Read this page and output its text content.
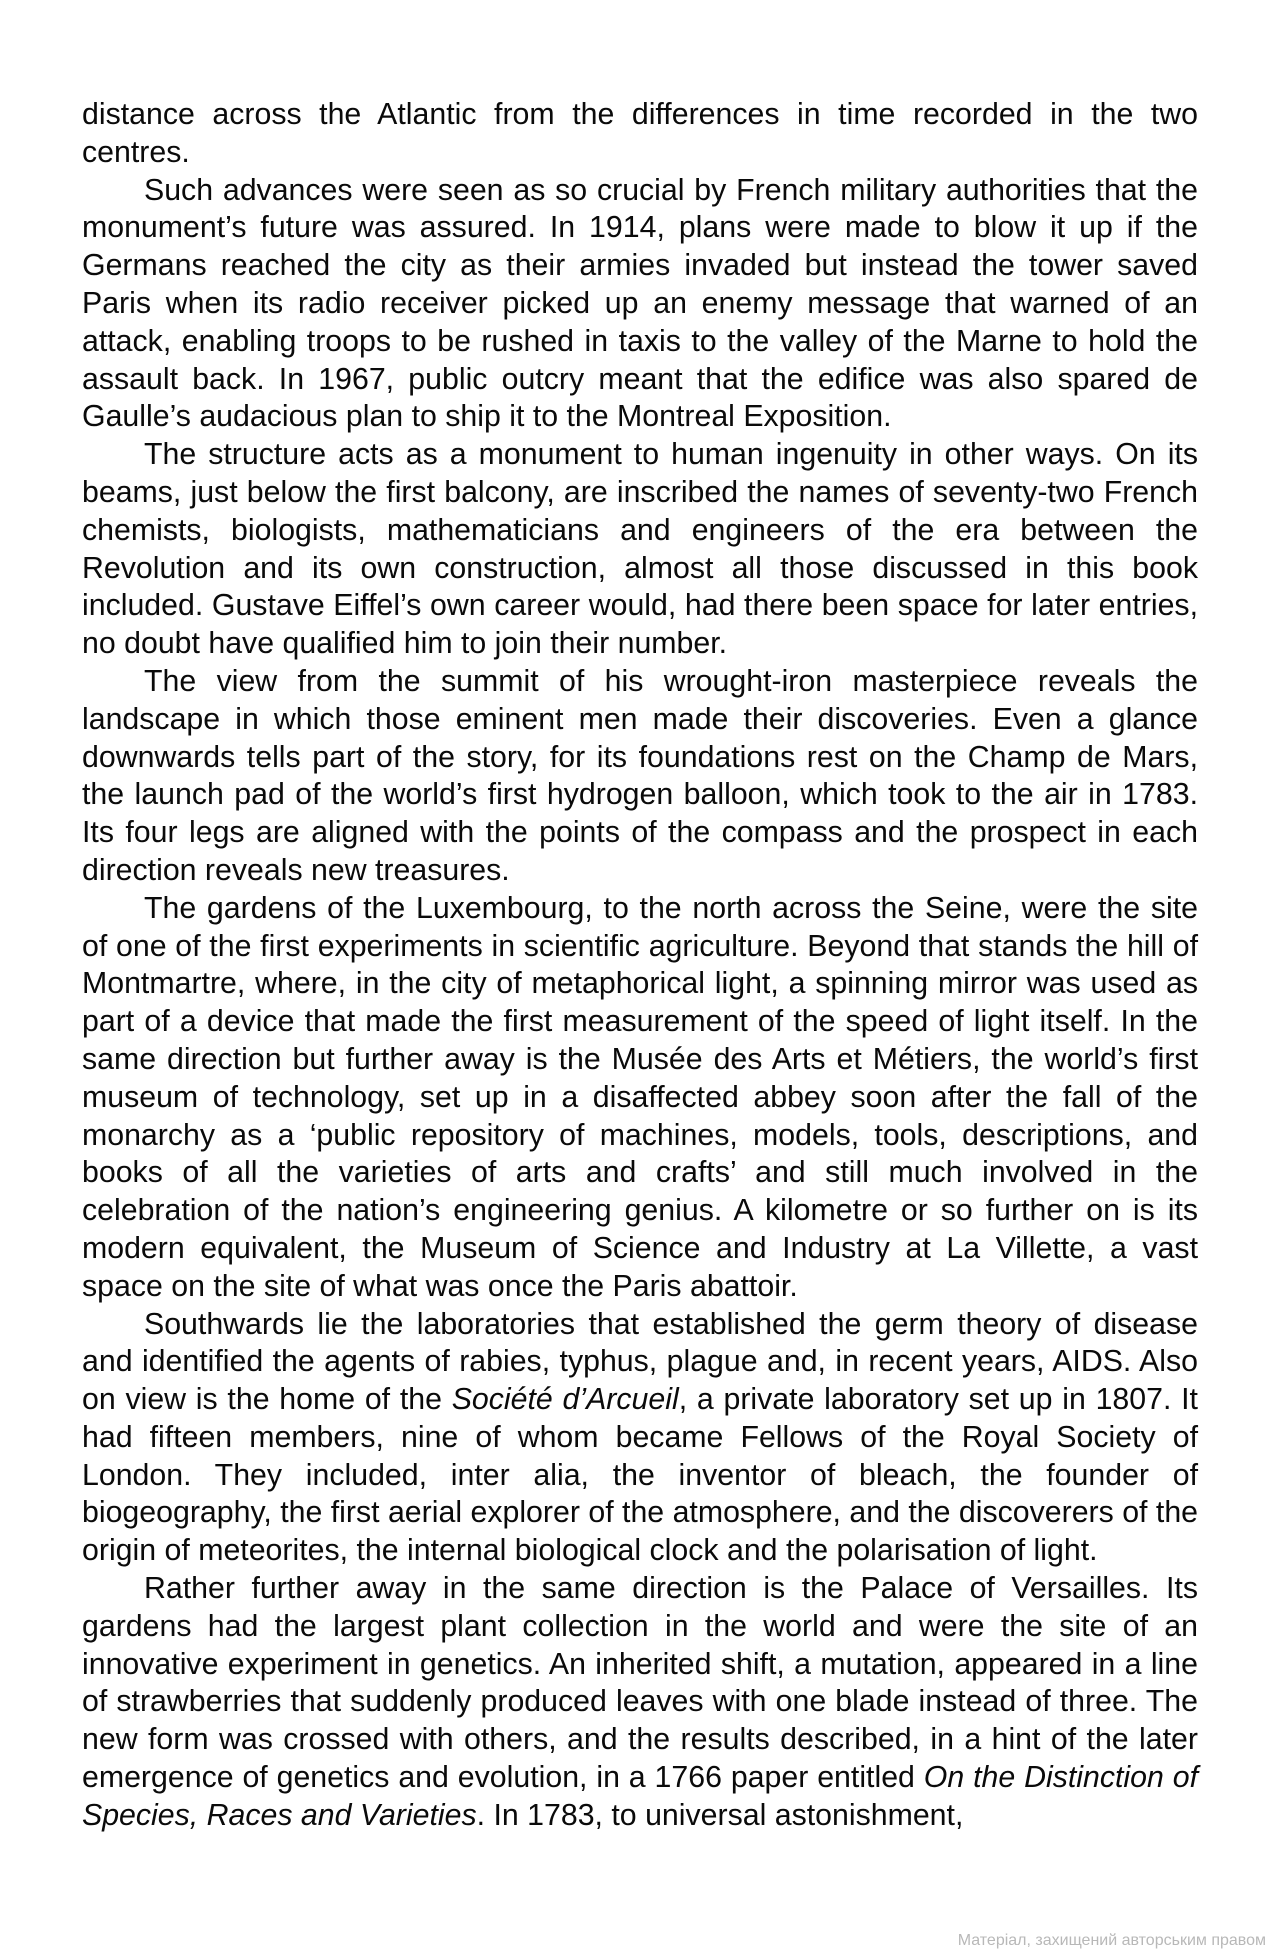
distance across the Atlantic from the differences in time recorded in the two centres.

Such advances were seen as so crucial by French military authorities that the monument’s future was assured. In 1914, plans were made to blow it up if the Germans reached the city as their armies invaded but instead the tower saved Paris when its radio receiver picked up an enemy message that warned of an attack, enabling troops to be rushed in taxis to the valley of the Marne to hold the assault back. In 1967, public outcry meant that the edifice was also spared de Gaulle’s audacious plan to ship it to the Montreal Exposition.

The structure acts as a monument to human ingenuity in other ways. On its beams, just below the first balcony, are inscribed the names of seventy-two French chemists, biologists, mathematicians and engineers of the era between the Revolution and its own construction, almost all those discussed in this book included. Gustave Eiffel’s own career would, had there been space for later entries, no doubt have qualified him to join their number.

The view from the summit of his wrought-iron masterpiece reveals the landscape in which those eminent men made their discoveries. Even a glance downwards tells part of the story, for its foundations rest on the Champ de Mars, the launch pad of the world’s first hydrogen balloon, which took to the air in 1783. Its four legs are aligned with the points of the compass and the prospect in each direction reveals new treasures.

The gardens of the Luxembourg, to the north across the Seine, were the site of one of the first experiments in scientific agriculture. Beyond that stands the hill of Montmartre, where, in the city of metaphorical light, a spinning mirror was used as part of a device that made the first measurement of the speed of light itself. In the same direction but further away is the Musée des Arts et Métiers, the world’s first museum of technology, set up in a disaffected abbey soon after the fall of the monarchy as a ‘public repository of machines, models, tools, descriptions, and books of all the varieties of arts and crafts’ and still much involved in the celebration of the nation’s engineering genius. A kilometre or so further on is its modern equivalent, the Museum of Science and Industry at La Villette, a vast space on the site of what was once the Paris abattoir.

Southwards lie the laboratories that established the germ theory of disease and identified the agents of rabies, typhus, plague and, in recent years, AIDS. Also on view is the home of the Société d’Arcueil, a private laboratory set up in 1807. It had fifteen members, nine of whom became Fellows of the Royal Society of London. They included, inter alia, the inventor of bleach, the founder of biogeography, the first aerial explorer of the atmosphere, and the discoverers of the origin of meteorites, the internal biological clock and the polarisation of light.

Rather further away in the same direction is the Palace of Versailles. Its gardens had the largest plant collection in the world and were the site of an innovative experiment in genetics. An inherited shift, a mutation, appeared in a line of strawberries that suddenly produced leaves with one blade instead of three. The new form was crossed with others, and the results described, in a hint of the later emergence of genetics and evolution, in a 1766 paper entitled On the Distinction of Species, Races and Varieties. In 1783, to universal astonishment,

Матеріал, захищений авторським правом
